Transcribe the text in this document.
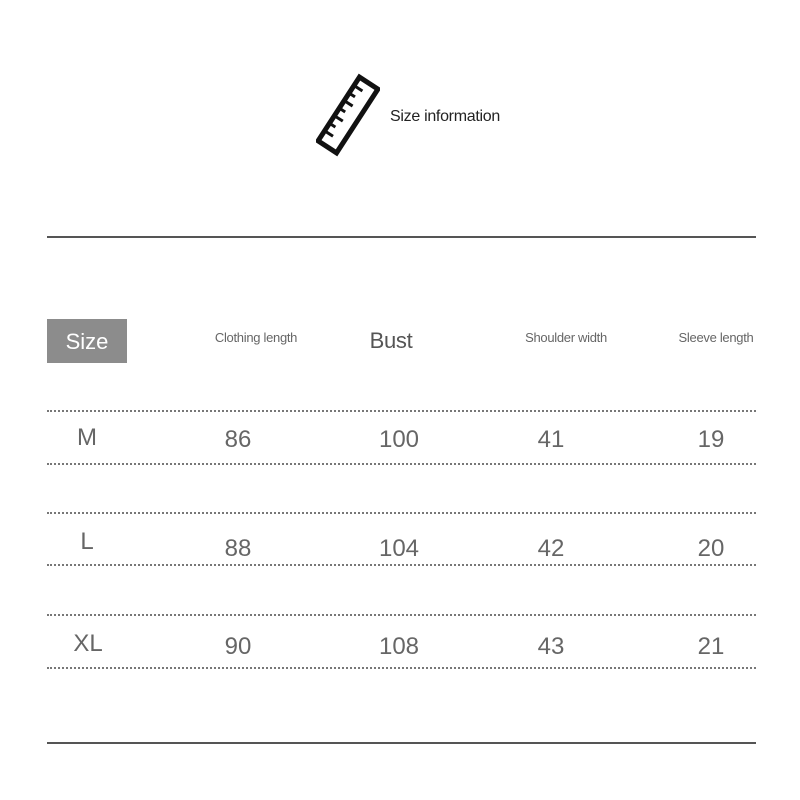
Size information
Size	Clothing length	Bust	Shoulder width	Sleeve length
M	86	100	41	19
L	88	104	42	20
XL	90	108	43	21
